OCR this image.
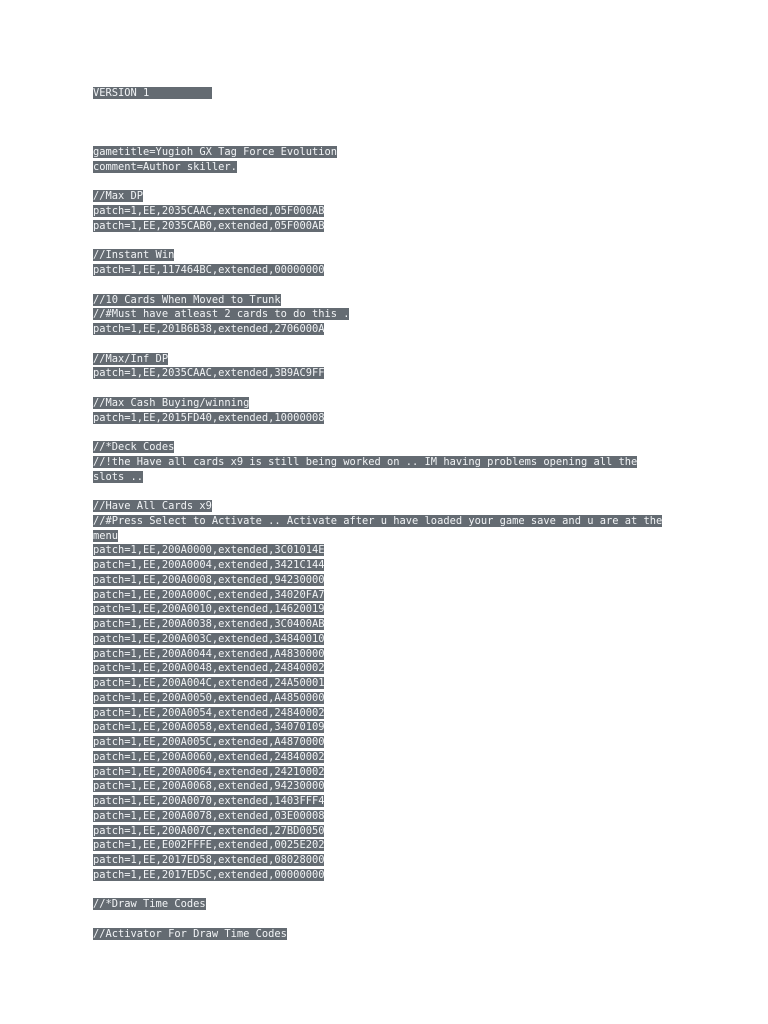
VERSION 1
gametitle=Yugioh GX Tag Force Evolution
comment=Author skiller.
//Max DP
patch=1,EE,2035CAAC,extended,05F000AB
patch=1,EE,2035CAB0,extended,05F000AB
//Instant Win
patch=1,EE,117464BC,extended,00000000
//10 Cards When Moved to Trunk
//#Must have atleast 2 cards to do this .
patch=1,EE,201B6B38,extended,2706000A
//Max/Inf DP
patch=1,EE,2035CAAC,extended,3B9AC9FF
//Max Cash Buying/winning
patch=1,EE,2015FD40,extended,10000008
//*Deck Codes
//!the Have all cards x9 is still being worked on .. IM having problems opening all the
slots ..
//Have All Cards x9
//#Press Select to Activate .. Activate after u have loaded your game save and u are at the
menu
patch=1,EE,200A0000,extended,3C01014E
patch=1,EE,200A0004,extended,3421C144
patch=1,EE,200A0008,extended,94230000
patch=1,EE,200A000C,extended,34020FA7
patch=1,EE,200A0010,extended,14620019
patch=1,EE,200A0038,extended,3C0400AB
patch=1,EE,200A003C,extended,34840010
patch=1,EE,200A0044,extended,A4830000
patch=1,EE,200A0048,extended,24840002
patch=1,EE,200A004C,extended,24A50001
patch=1,EE,200A0050,extended,A4850000
patch=1,EE,200A0054,extended,24840002
patch=1,EE,200A0058,extended,34070109
patch=1,EE,200A005C,extended,A4870000
patch=1,EE,200A0060,extended,24840002
patch=1,EE,200A0064,extended,24210002
patch=1,EE,200A0068,extended,94230000
patch=1,EE,200A0070,extended,1403FFF4
patch=1,EE,200A0078,extended,03E00008
patch=1,EE,200A007C,extended,27BD0050
patch=1,EE,E002FFFE,extended,0025E202
patch=1,EE,2017ED58,extended,08028000
patch=1,EE,2017ED5C,extended,00000000
//*Draw Time Codes
//Activator For Draw Time Codes
